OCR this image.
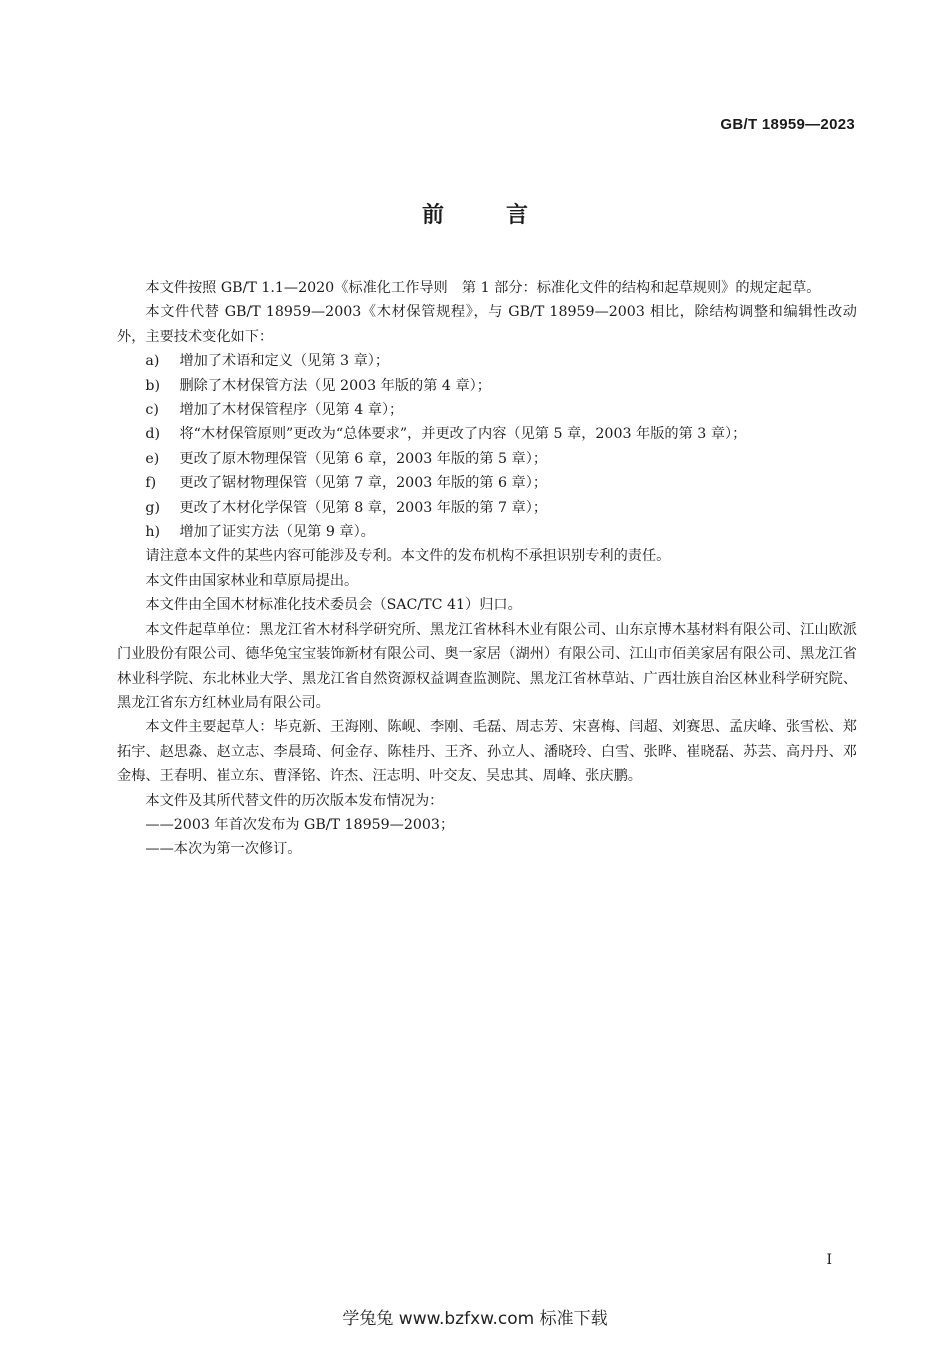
GB/T 18959—2023
前言

本文件按照 GB/T 1.1—2020《标准化工作导则　第 1 部分：标准化文件的结构和起草规则》的规定起草。

本文件代替 GB/T 18959—2003《木材保管规程》，与 GB/T 18959—2003 相比，除结构调整和编辑性改动外，主要技术变化如下：

a) 增加了术语和定义（见第 3 章）；

b) 删除了木材保管方法（见 2003 年版的第 4 章）；

c) 增加了木材保管程序（见第 4 章）；

d) 将“木材保管原则”更改为“总体要求”，并更改了内容（见第 5 章，2003 年版的第 3 章）；

e) 更改了原木物理保管（见第 6 章，2003 年版的第 5 章）；

f) 更改了锯材物理保管（见第 7 章，2003 年版的第 6 章）；

g) 更改了木材化学保管（见第 8 章，2003 年版的第 7 章）；

h) 增加了证实方法（见第 9 章）。

请注意本文件的某些内容可能涉及专利。本文件的发布机构不承担识别专利的责任。

本文件由国家林业和草原局提出。

本文件由全国木材标准化技术委员会（SAC/TC 41）归口。

本文件起草单位：黑龙江省木材科学研究所、黑龙江省林科木业有限公司、山东京博木基材料有限公司、江山欧派门业股份有限公司、德华兔宝宝装饰新材有限公司、奥一家居（湖州）有限公司、江山市佰美家居有限公司、黑龙江省林业科学院、东北林业大学、黑龙江省自然资源权益调查监测院、黑龙江省林草站、广西壮族自治区林业科学研究院、黑龙江省东方红林业局有限公司。

本文件主要起草人：毕克新、王海刚、陈岘、李刚、毛磊、周志芳、宋喜梅、闫超、刘赛思、孟庆峰、张雪松、郑拓宇、赵思淼、赵立志、李晨琦、何金存、陈桂丹、王齐、孙立人、潘晓玲、白雪、张晔、崔晓磊、苏芸、高丹丹、邓金梅、王春明、崔立东、曹泽铭、许杰、汪志明、叶交友、吴忠其、周峰、张庆鹏。

本文件及其所代替文件的历次版本发布情况为：

——2003 年首次发布为 GB/T 18959—2003；

——本次为第一次修订。

I
学兔兔 www.bzfxw.com 标准下载
